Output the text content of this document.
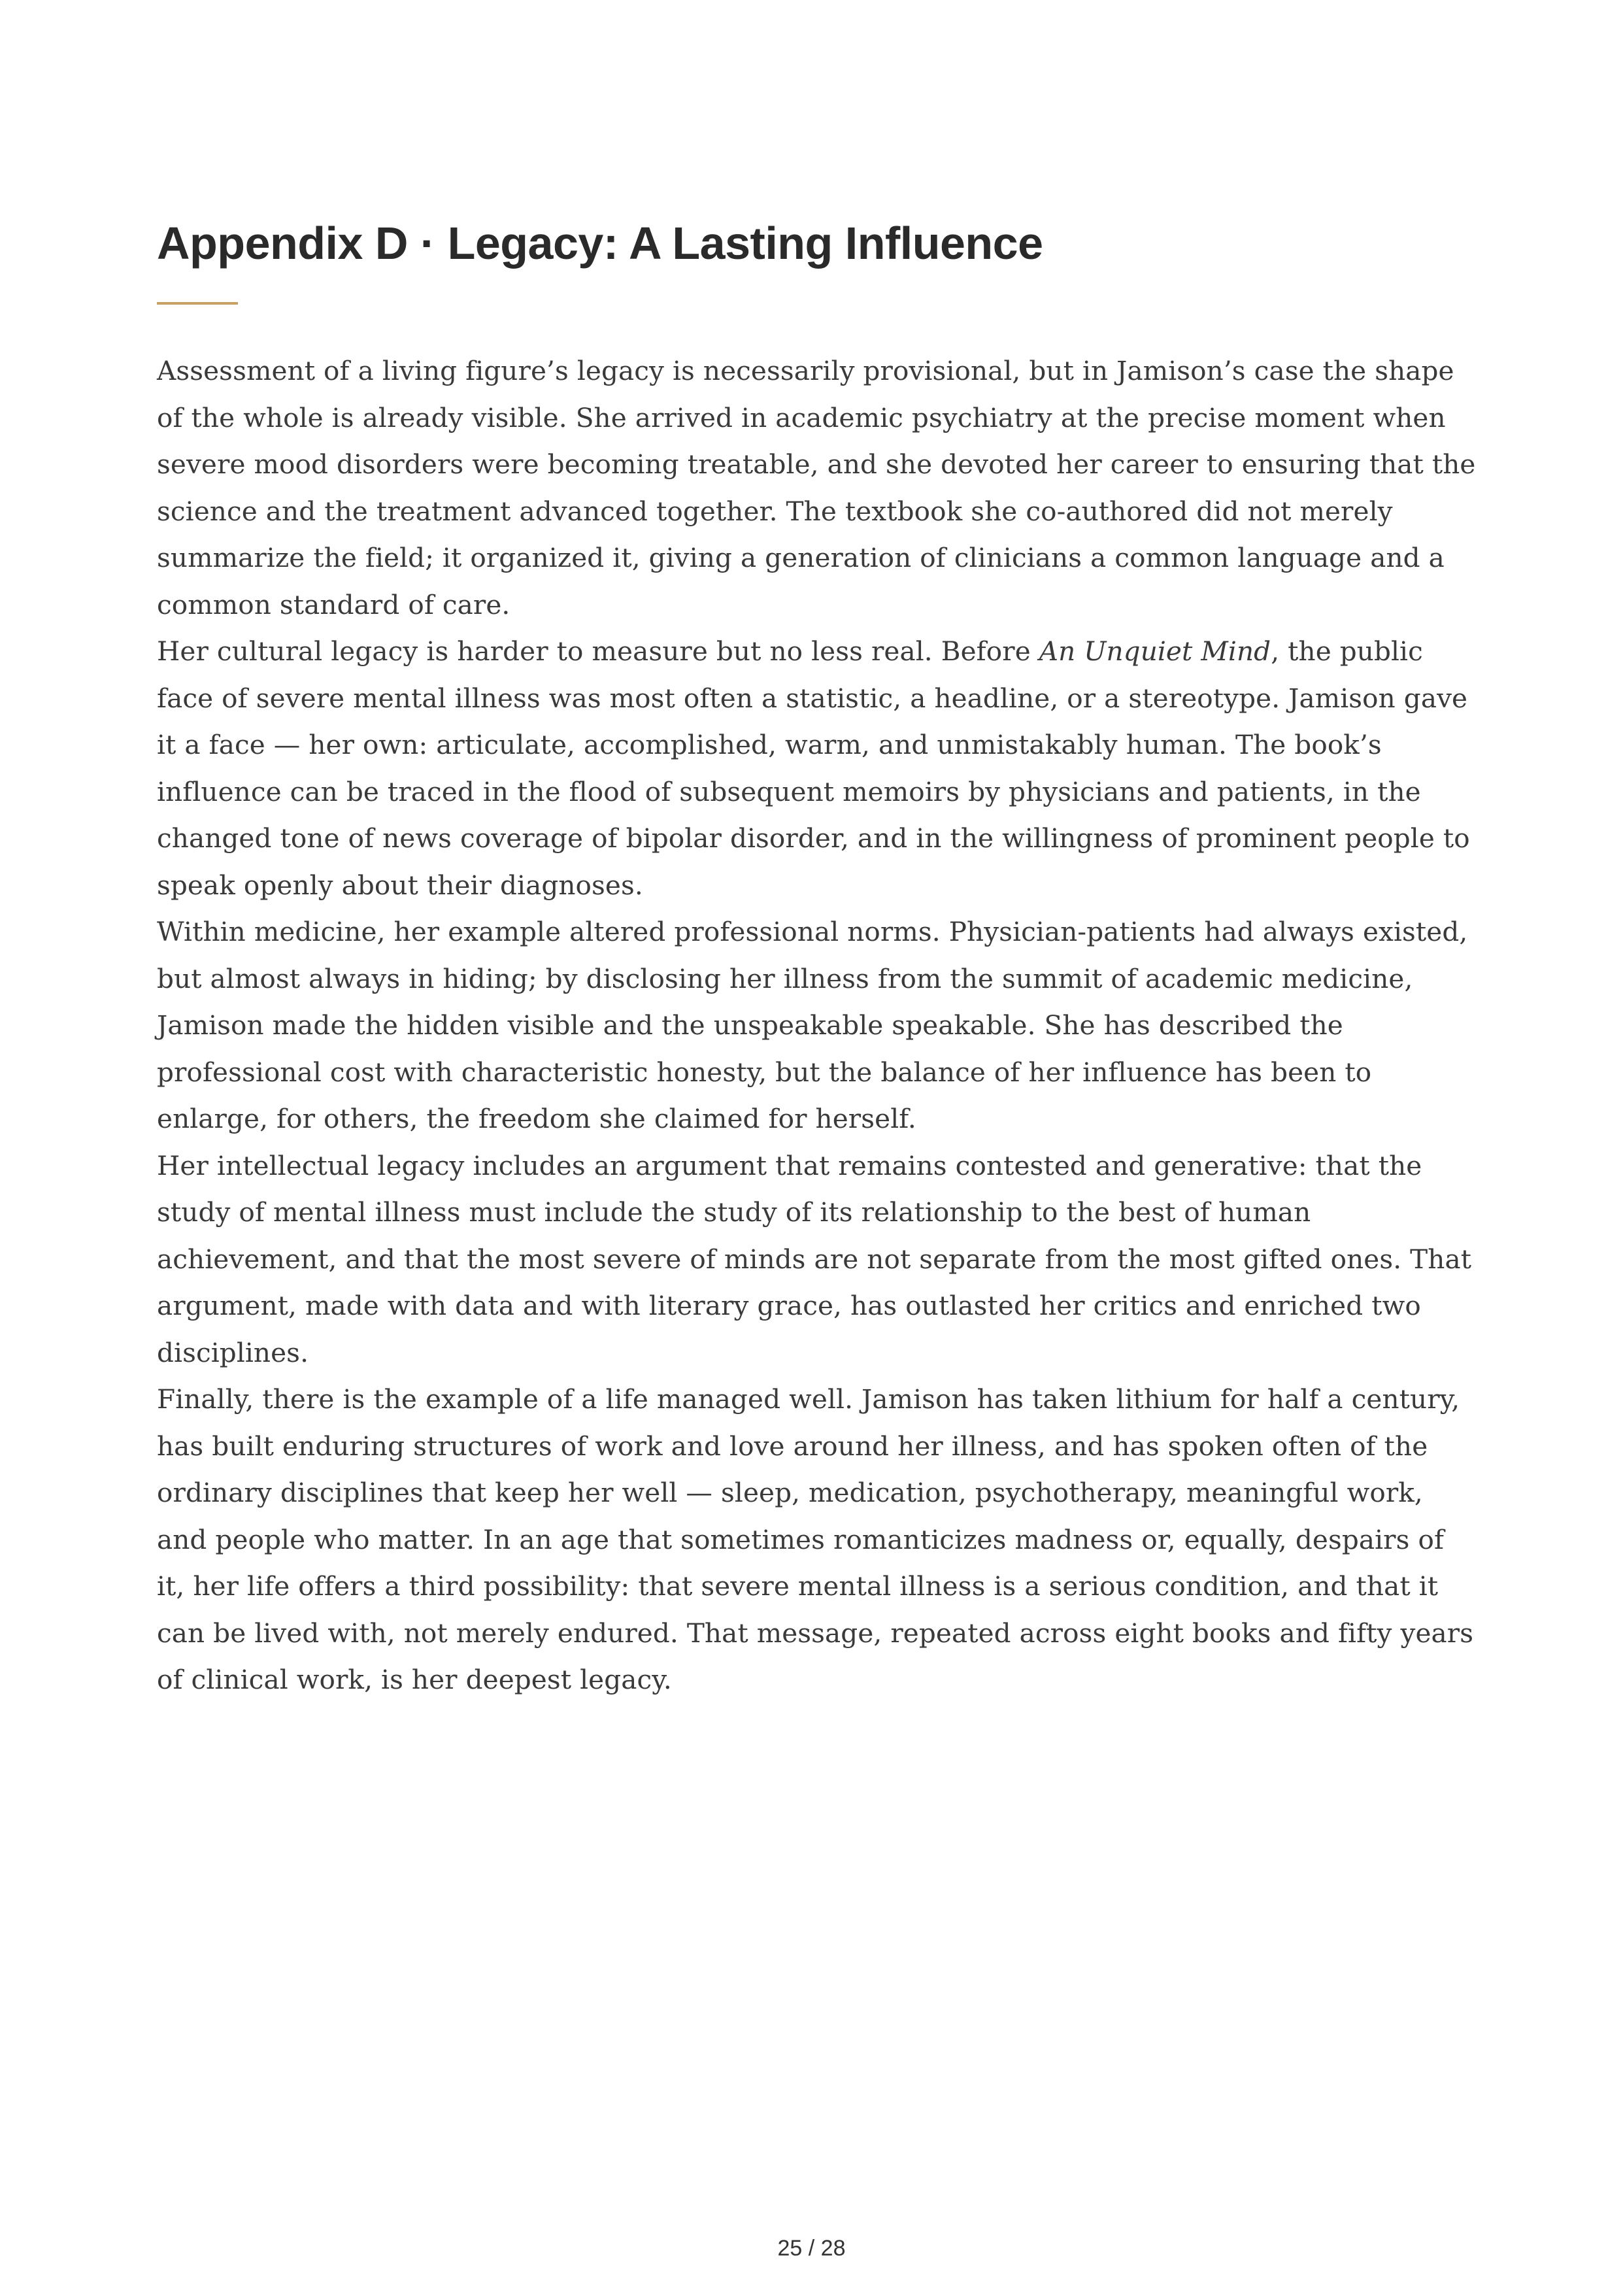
Appendix D · Legacy: A Lasting Influence

Assessment of a living figure’s legacy is necessarily provisional, but in Jamison’s case the shape of the whole is already visible. She arrived in academic psychiatry at the precise moment when severe mood disorders were becoming treatable, and she devoted her career to ensuring that the science and the treatment advanced together. The textbook she co-authored did not merely summarize the field; it organized it, giving a generation of clinicians a common language and a common standard of care.

Her cultural legacy is harder to measure but no less real. Before An Unquiet Mind, the public face of severe mental illness was most often a statistic, a headline, or a stereotype. Jamison gave it a face — her own: articulate, accomplished, warm, and unmistakably human. The book’s influence can be traced in the flood of subsequent memoirs by physicians and patients, in the changed tone of news coverage of bipolar disorder, and in the willingness of prominent people to speak openly about their diagnoses.

Within medicine, her example altered professional norms. Physician-patients had always existed, but almost always in hiding; by disclosing her illness from the summit of academic medicine, Jamison made the hidden visible and the unspeakable speakable. She has described the professional cost with characteristic honesty, but the balance of her influence has been to enlarge, for others, the freedom she claimed for herself.

Her intellectual legacy includes an argument that remains contested and generative: that the study of mental illness must include the study of its relationship to the best of human achievement, and that the most severe of minds are not separate from the most gifted ones. That argument, made with data and with literary grace, has outlasted her critics and enriched two disciplines.

Finally, there is the example of a life managed well. Jamison has taken lithium for half a century, has built enduring structures of work and love around her illness, and has spoken often of the ordinary disciplines that keep her well — sleep, medication, psychotherapy, meaningful work, and people who matter. In an age that sometimes romanticizes madness or, equally, despairs of it, her life offers a third possibility: that severe mental illness is a serious condition, and that it can be lived with, not merely endured. That message, repeated across eight books and fifty years of clinical work, is her deepest legacy.

25 / 28
